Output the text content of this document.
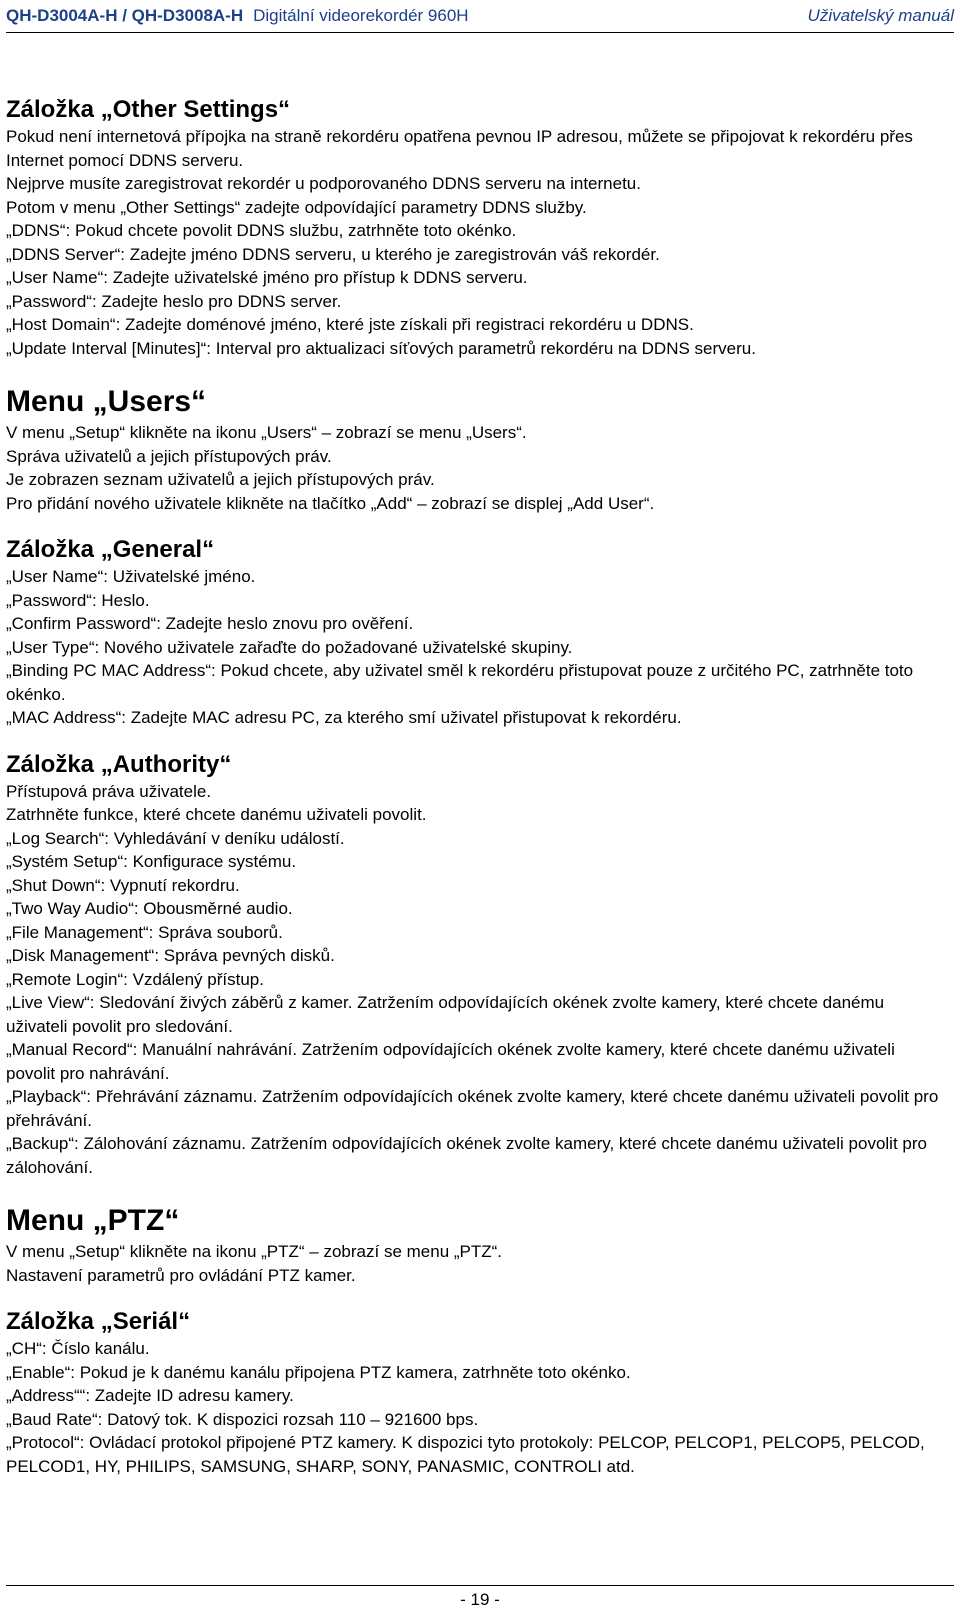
QH-D3004A-H / QH-D3008A-H Digitální videorekordér 960H	Uživatelský manuál
Záložka „Other Settings“

Pokud není internetová přípojka na straně rekordéru opatřena pevnou IP adresou, můžete se připojovat k rekordéru přes Internet pomocí DDNS serveru.

Nejprve musíte zaregistrovat rekordér u podporovaného DDNS serveru na internetu.

Potom v menu „Other Settings“ zadejte odpovídající parametry DDNS služby.

„DDNS“: Pokud chcete povolit DDNS službu, zatrhněte toto okénko.

„DDNS Server“: Zadejte jméno DDNS serveru, u kterého je zaregistrován váš rekordér.

„User Name“: Zadejte uživatelské jméno pro přístup k DDNS serveru.

„Password“: Zadejte heslo pro DDNS server.

„Host Domain“: Zadejte doménové jméno, které jste získali při registraci rekordéru u DDNS.

„Update Interval [Minutes]“: Interval pro aktualizaci síťových parametrů rekordéru na DDNS serveru.

Menu „Users“

V menu „Setup“ klikněte na ikonu „Users“ – zobrazí se menu „Users“.

Správa uživatelů a jejich přístupových práv.

Je zobrazen seznam uživatelů a jejich přístupových práv.

Pro přidání nového uživatele klikněte na tlačítko „Add“ – zobrazí se displej „Add User“.

Záložka „General“

„User Name“: Uživatelské jméno.

„Password“: Heslo.

„Confirm Password“: Zadejte heslo znovu pro ověření.

„User Type“: Nového uživatele zařaďte do požadované uživatelské skupiny.

„Binding PC MAC Address“: Pokud chcete, aby uživatel směl k rekordéru přistupovat pouze z určitého PC, zatrhněte toto okénko.

„MAC Address“: Zadejte MAC adresu PC, za kterého smí uživatel přistupovat k rekordéru.

Záložka „Authority“

Přístupová práva uživatele.

Zatrhněte funkce, které chcete danému uživateli povolit.

„Log Search“: Vyhledávání v deníku událostí.

„Systém Setup“: Konfigurace systému.

„Shut Down“: Vypnutí rekordru.

„Two Way Audio“: Obousměrné audio.

„File Management“: Správa souborů.

„Disk Management“: Správa pevných disků.

„Remote Login“: Vzdálený přístup.

„Live View“: Sledování živých záběrů z kamer. Zatržením odpovídajících okének zvolte kamery, které chcete danému uživateli povolit pro sledování.

„Manual Record“: Manuální nahrávání. Zatržením odpovídajících okének zvolte kamery, které chcete danému uživateli povolit pro nahrávání.

„Playback“: Přehrávání záznamu. Zatržením odpovídajících okének zvolte kamery, které chcete danému uživateli povolit pro přehrávání.

„Backup“: Zálohování záznamu. Zatržením odpovídajících okének zvolte kamery, které chcete danému uživateli povolit pro zálohování.

Menu „PTZ“

V menu „Setup“ klikněte na ikonu „PTZ“ – zobrazí se menu „PTZ“.

Nastavení parametrů pro ovládání PTZ kamer.

Záložka „Seriál“

„CH“: Číslo kanálu.

„Enable“: Pokud je k danému kanálu připojena PTZ kamera, zatrhněte toto okénko.

„Address““: Zadejte ID adresu kamery.

„Baud Rate“: Datový tok. K dispozici rozsah 110 – 921600 bps.

„Protocol“: Ovládací protokol připojené PTZ kamery. K dispozici tyto protokoly: PELCOP, PELCOP1, PELCOP5, PELCOD, PELCOD1, HY, PHILIPS, SAMSUNG, SHARP, SONY, PANASMIC, CONTROLI atd.

- 19 -
